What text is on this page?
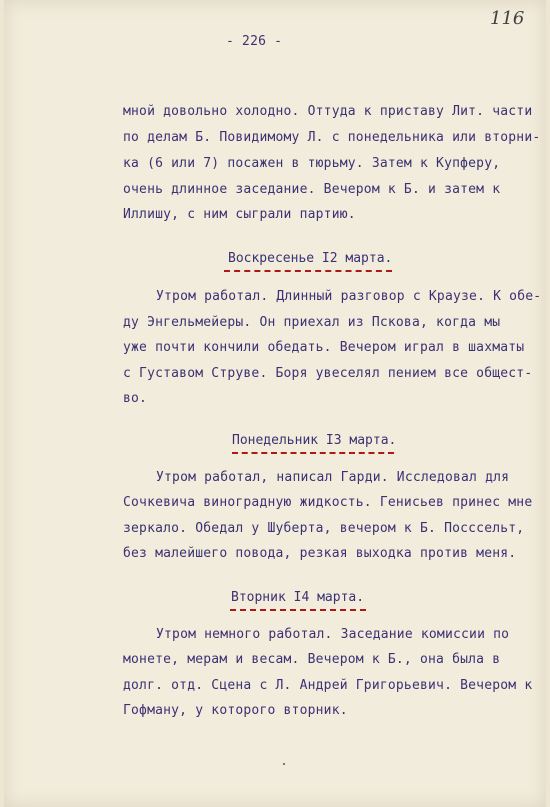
116
- 226 -
мной довольно холодно. Оттуда к приставу Лит. части
по делам Б. Повидимому Л. с понедельника или вторни-
ка (6 или 7) посажен в тюрьму. Затем к Купферу,
очень длинное заседание. Вечером к Б. и затем к
Иллишу, с ним сыграли партию.
Воскресенье I2 марта.
Утром работал. Длинный разговор с Краузе. К обе-
ду Энгельмейеры. Он приехал из Пскова, когда мы
уже почти кончили обедать. Вечером играл в шахматы
с Густавом Струве. Боря увеселял пением все общест-
во.
Понедельник I3 марта.
Утром работал, написал Гарди. Исследовал для
Сочкевича виноградную жидкость. Генисьев принес мне
зеркало. Обедал у Шуберта, вечером к Б. Посссельт,
без малейшего повода, резкая выходка против меня.
Вторник I4 марта.
Утром немного работал. Заседание комиссии по
монете, мерам и весам. Вечером к Б., она была в
долг. отд. Сцена с Л. Андрей Григорьевич. Вечером к
Гофману, у которого вторник.
